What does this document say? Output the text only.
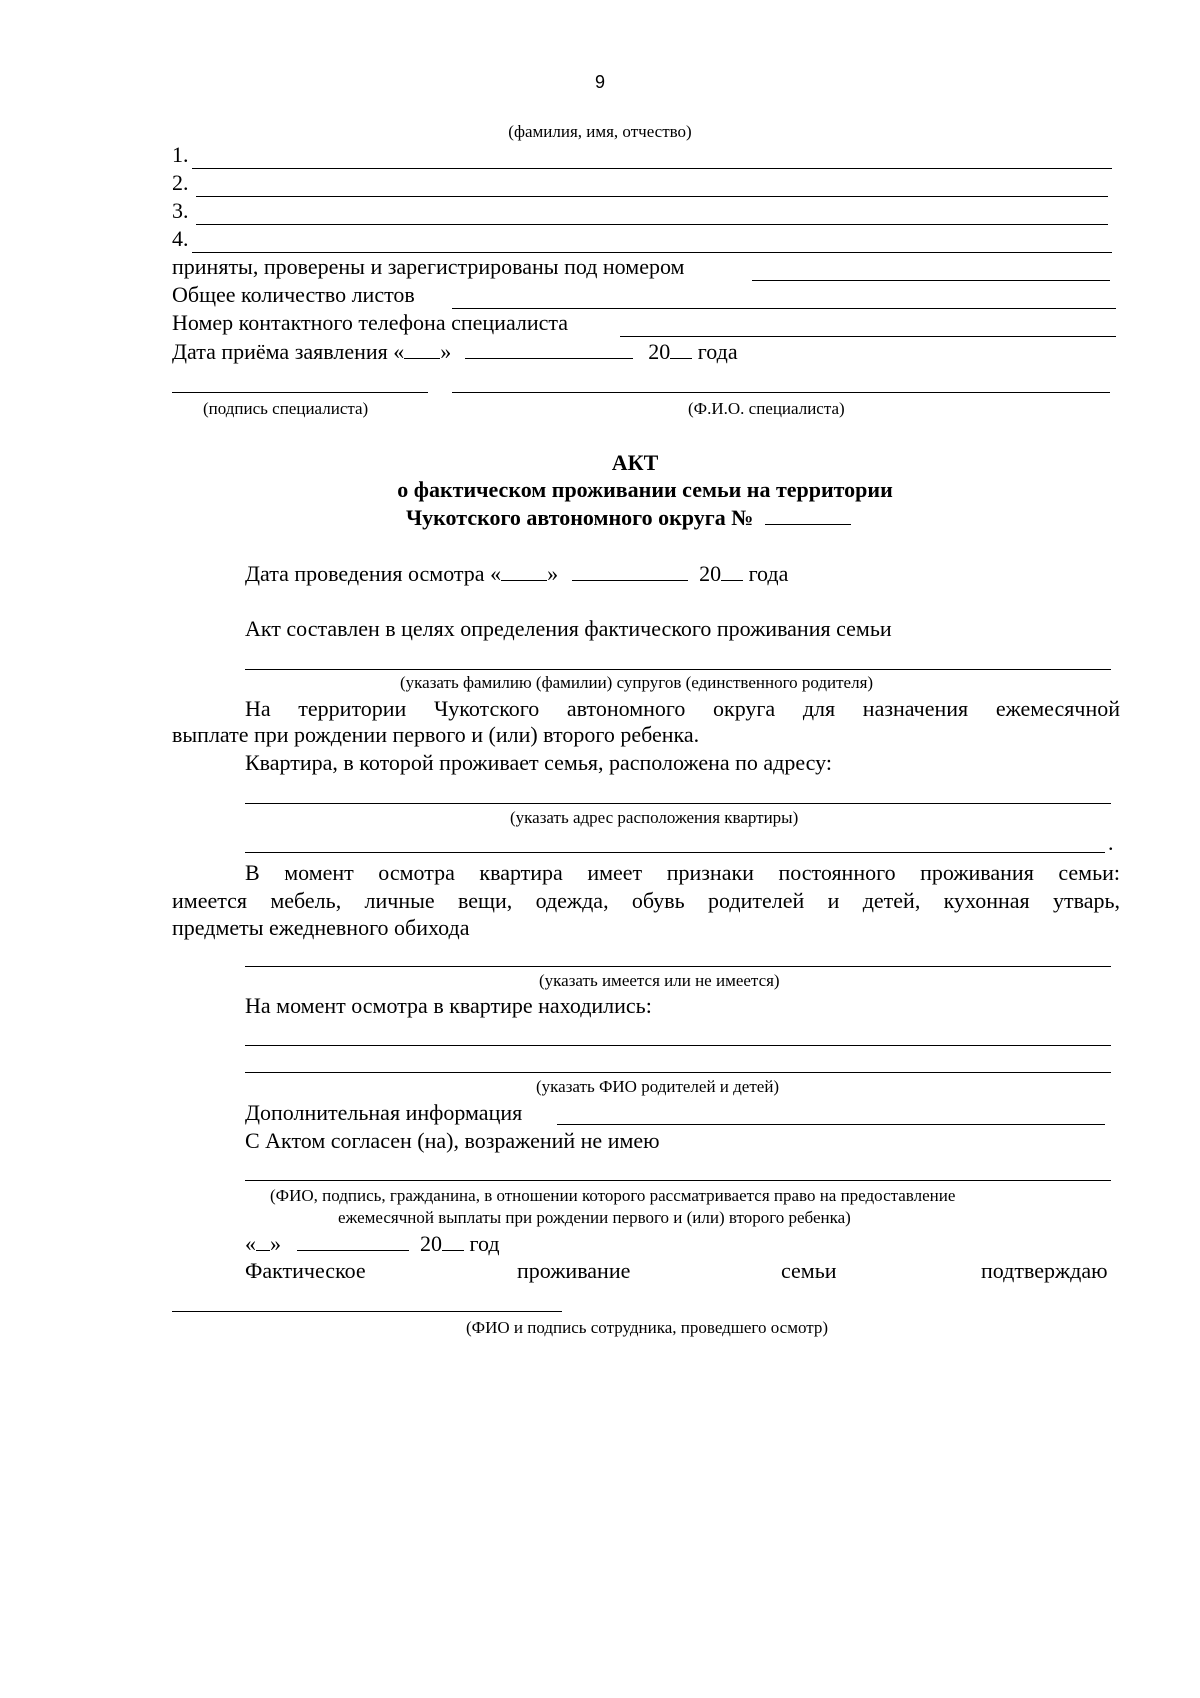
9
(фамилия, имя, отчество)
1.
2.
3.
4.
приняты, проверены и зарегистрированы под номером
Общее количество листов
Номер контактного телефона специалиста
Дата приёма заявления « »	20 года
(подпись специалиста)	(Ф.И.О. специалиста)
АКТ
о фактическом проживании семьи на территории
Чукотского автономного округа №
Дата проведения осмотра « »	20 года
Акт составлен в целях определения фактического проживания семьи
(указать фамилию (фамилии) супругов (единственного родителя)
На территории Чукотского автономного округа для назначения ежемесячной
выплате при рождении первого и (или) второго ребенка.
Квартира, в которой проживает семья, расположена по адресу:
(указать адрес расположения квартиры)
.
В момент осмотра квартира имеет признаки постоянного проживания семьи:
имеется мебель, личные вещи, одежда, обувь родителей и детей, кухонная утварь,
предметы ежедневного обихода
(указать имеется или не имеется)
На момент осмотра в квартире находились:
(указать ФИО родителей и детей)
Дополнительная информация
С Актом согласен (на), возражений не имею
(ФИО, подпись, гражданина, в отношении которого рассматривается право на предоставление
ежемесячной выплаты при рождении первого и (или) второго ребенка)
« »	20 год
Фактическое	проживание	семьи	подтверждаю
(ФИО и подпись сотрудника, проведшего осмотр)
